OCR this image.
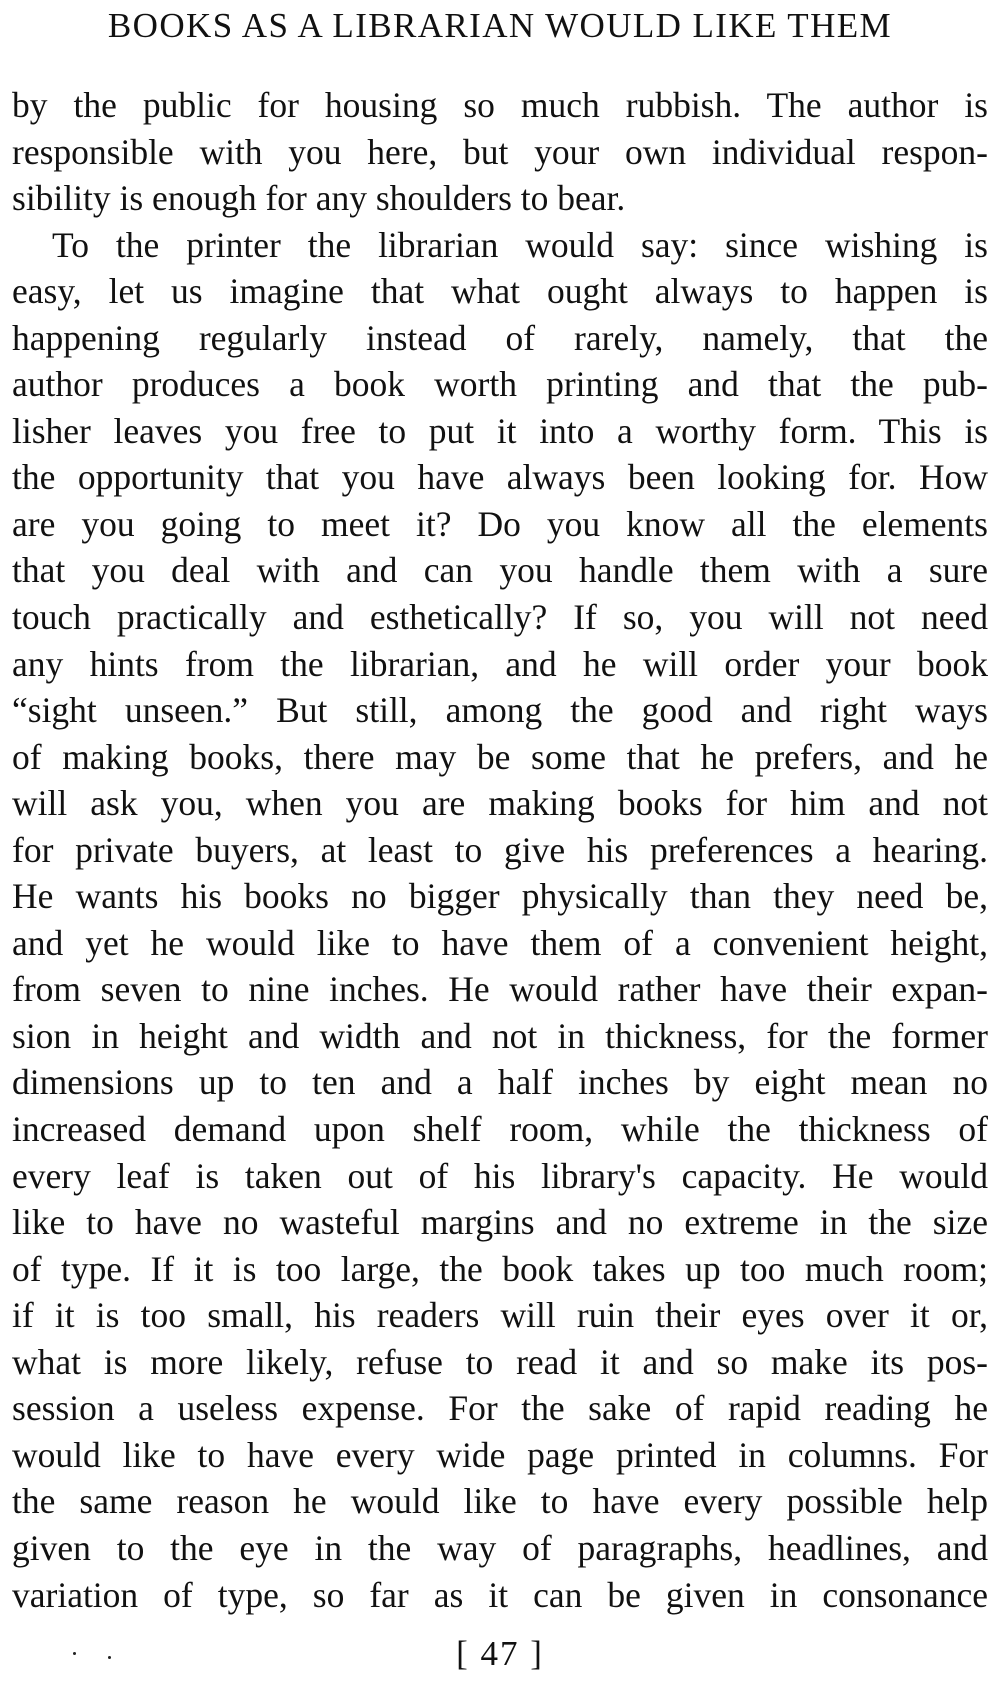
BOOKS AS A LIBRARIAN WOULD LIKE THEM
by the public for housing so much rubbish. The author is
responsible with you here, but your own individual respon-
sibility is enough for any shoulders to bear.
To the printer the librarian would say: since wishing is
easy, let us imagine that what ought always to happen is
happening regularly instead of rarely, namely, that the
author produces a book worth printing and that the pub-
lisher leaves you free to put it into a worthy form. This is
the opportunity that you have always been looking for. How
are you going to meet it? Do you know all the elements
that you deal with and can you handle them with a sure
touch practically and esthetically? If so, you will not need
any hints from the librarian, and he will order your book
“sight unseen.” But still, among the good and right ways
of making books, there may be some that he prefers, and he
will ask you, when you are making books for him and not
for private buyers, at least to give his preferences a hearing.
He wants his books no bigger physically than they need be,
and yet he would like to have them of a convenient height,
from seven to nine inches. He would rather have their expan-
sion in height and width and not in thickness, for the former
dimensions up to ten and a half inches by eight mean no
increased demand upon shelf room, while the thickness of
every leaf is taken out of his library's capacity. He would
like to have no wasteful margins and no extreme in the size
of type. If it is too large, the book takes up too much room;
if it is too small, his readers will ruin their eyes over it or,
what is more likely, refuse to read it and so make its pos-
session a useless expense. For the sake of rapid reading he
would like to have every wide page printed in columns. For
the same reason he would like to have every possible help
given to the eye in the way of paragraphs, headlines, and
variation of type, so far as it can be given in consonance
[ 47 ]
